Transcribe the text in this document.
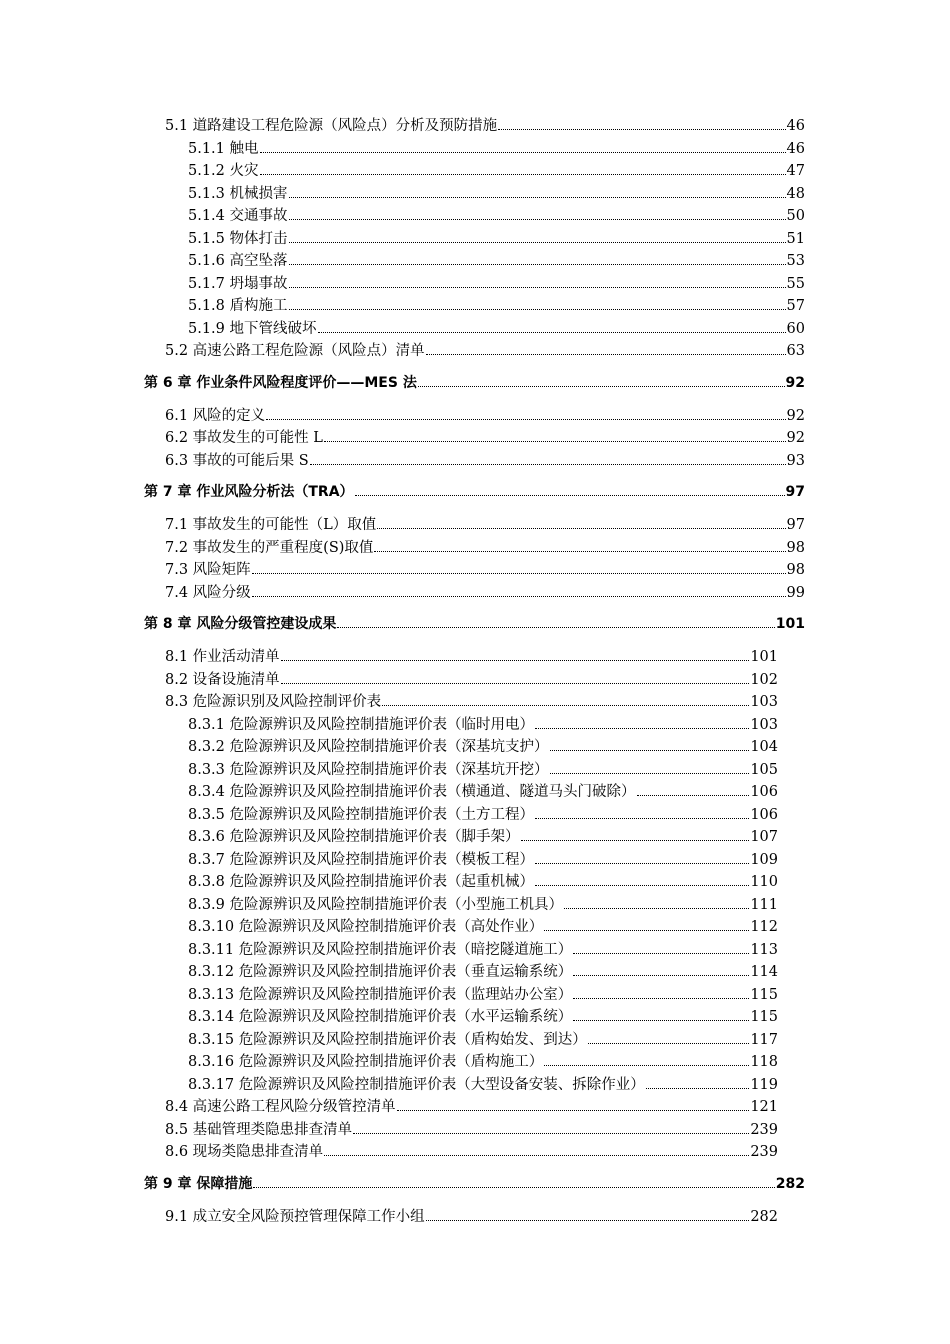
5.1 道路建设工程危险源（风险点）分析及预防措施	46
5.1.1 触电	46
5.1.2 火灾	47
5.1.3 机械损害	48
5.1.4 交通事故	50
5.1.5 物体打击	51
5.1.6 高空坠落	53
5.1.7 坍塌事故	55
5.1.8 盾构施工	57
5.1.9 地下管线破坏	60
5.2 高速公路工程危险源（风险点）清单	63
第 6 章 作业条件风险程度评价——MES 法	92
6.1 风险的定义	92
6.2 事故发生的可能性 L	92
6.3 事故的可能后果 S	93
第 7 章 作业风险分析法（TRA）	97
7.1 事故发生的可能性（L）取值	97
7.2 事故发生的严重程度(S)取值	98
7.3 风险矩阵	98
7.4 风险分级	99
第 8 章 风险分级管控建设成果	101
8.1 作业活动清单	101
8.2 设备设施清单	102
8.3 危险源识别及风险控制评价表	103
8.3.1 危险源辨识及风险控制措施评价表（临时用电）	103
8.3.2 危险源辨识及风险控制措施评价表（深基坑支护）	104
8.3.3 危险源辨识及风险控制措施评价表（深基坑开挖）	105
8.3.4 危险源辨识及风险控制措施评价表（横通道、隧道马头门破除）	106
8.3.5 危险源辨识及风险控制措施评价表（土方工程）	106
8.3.6 危险源辨识及风险控制措施评价表（脚手架）	107
8.3.7 危险源辨识及风险控制措施评价表（模板工程）	109
8.3.8 危险源辨识及风险控制措施评价表（起重机械）	110
8.3.9 危险源辨识及风险控制措施评价表（小型施工机具）	111
8.3.10 危险源辨识及风险控制措施评价表（高处作业）	112
8.3.11 危险源辨识及风险控制措施评价表（暗挖隧道施工）	113
8.3.12 危险源辨识及风险控制措施评价表（垂直运输系统）	114
8.3.13 危险源辨识及风险控制措施评价表（监理站办公室）	115
8.3.14 危险源辨识及风险控制措施评价表（水平运输系统）	115
8.3.15 危险源辨识及风险控制措施评价表（盾构始发、到达）	117
8.3.16 危险源辨识及风险控制措施评价表（盾构施工）	118
8.3.17 危险源辨识及风险控制措施评价表（大型设备安装、拆除作业）	119
8.4 高速公路工程风险分级管控清单	121
8.5 基础管理类隐患排查清单	239
8.6 现场类隐患排查清单	239
第 9 章 保障措施	282
9.1 成立安全风险预控管理保障工作小组	282
